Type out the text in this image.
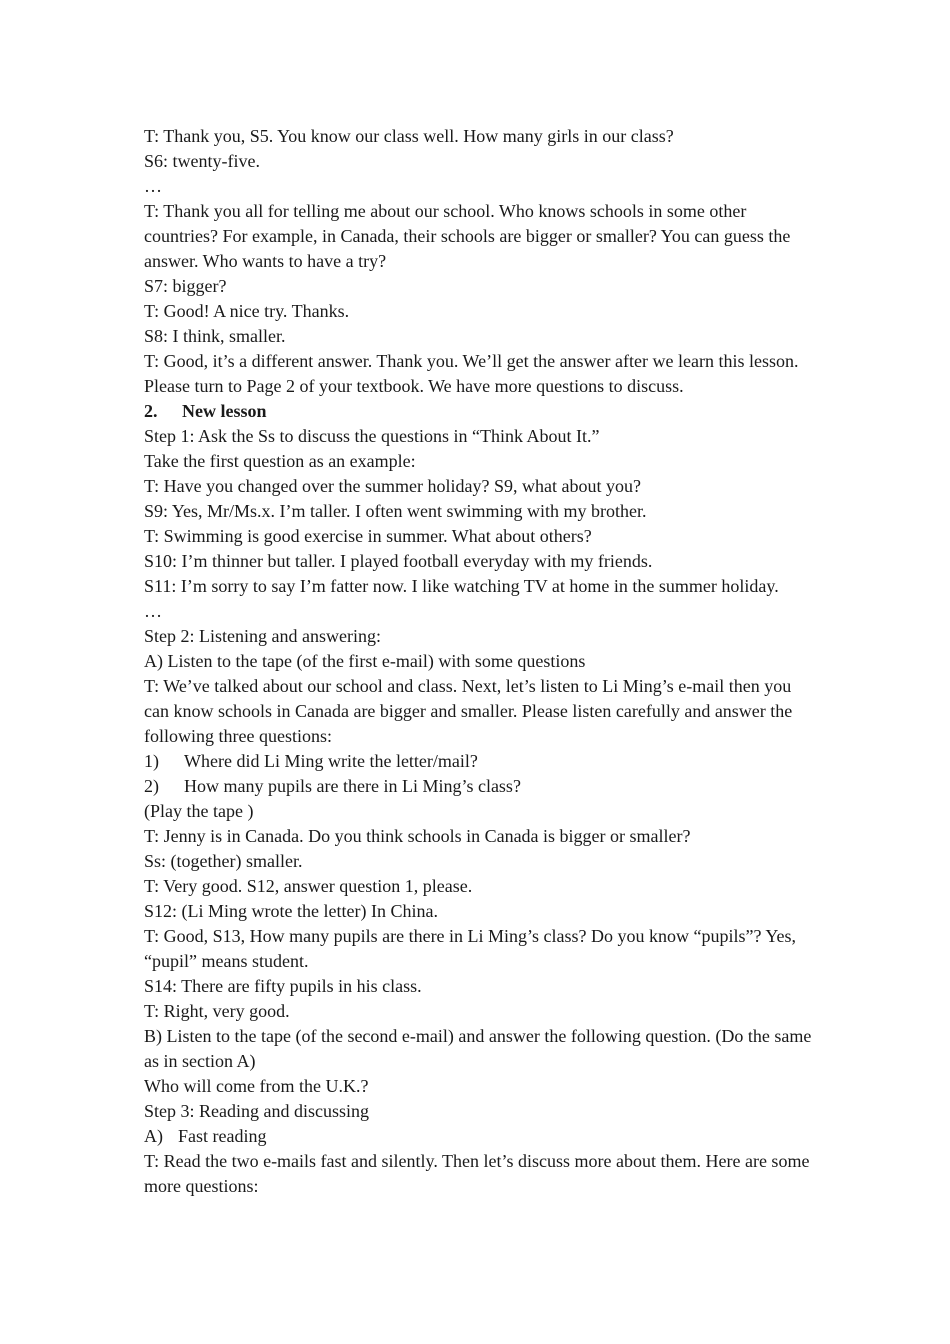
T: Thank you, S5. You know our class well. How many girls in our class?

S6: twenty-five.

…

T: Thank you all for telling me about our school. Who knows schools in some other countries? For example, in Canada, their schools are bigger or smaller? You can guess the answer. Who wants to have a try?

S7: bigger?

T: Good! A nice try. Thanks.

S8: I think, smaller.

T: Good, it’s a different answer. Thank you. We’ll get the answer after we learn this lesson. Please turn to Page 2 of your textbook. We have more questions to discuss.

2.	New lesson

Step 1: Ask the Ss to discuss the questions in “Think About It.”

Take the first question as an example:

T: Have you changed over the summer holiday? S9, what about you?

S9: Yes, Mr/Ms.x. I’m taller. I often went swimming with my brother.

T: Swimming is good exercise in summer. What about others?

S10: I’m thinner but taller. I played football everyday with my friends.

S11: I’m sorry to say I’m fatter now. I like watching TV at home in the summer holiday.

…

Step 2: Listening and answering:

A) Listen to the tape (of the first e-mail) with some questions

T: We’ve talked about our school and class. Next, let’s listen to Li Ming’s e-mail then you can know schools in Canada are bigger and smaller. Please listen carefully and answer the following three questions:

1)	Where did Li Ming write the letter/mail?
2)	How many pupils are there in Li Ming’s class?

(Play the tape )

T: Jenny is in Canada. Do you think schools in Canada is bigger or smaller?

Ss: (together) smaller.

T: Very good. S12, answer question 1, please.

S12: (Li Ming wrote the letter) In China.

T: Good, S13, How many pupils are there in Li Ming’s class? Do you know “pupils”? Yes, “pupil” means student.

S14: There are fifty pupils in his class.

T: Right, very good.

B) Listen to the tape (of the second e-mail) and answer the following question. (Do the same as in section A)

Who will come from the U.K.?

Step 3: Reading and discussing

A) Fast reading

T: Read the two e-mails fast and silently. Then let’s discuss more about them. Here are some more questions:
